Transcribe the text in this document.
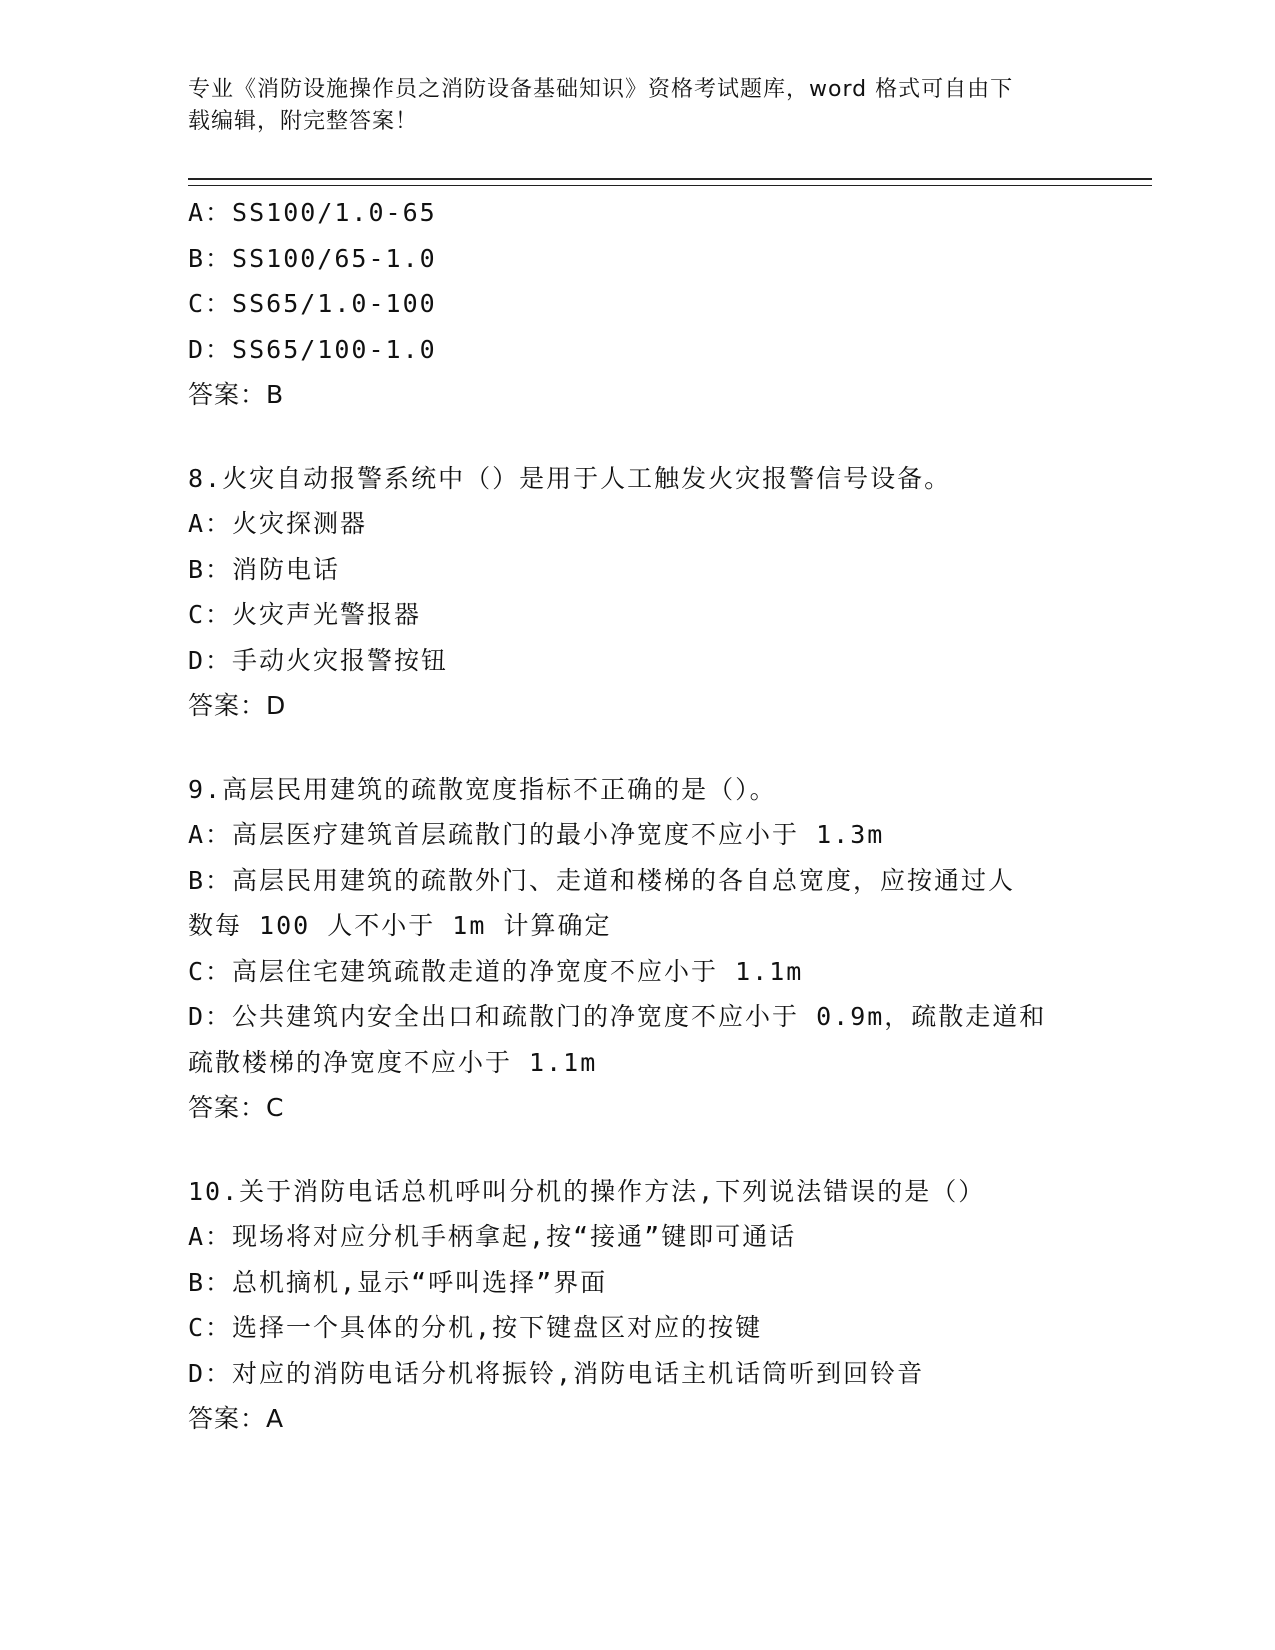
专业《消防设施操作员之消防设备基础知识》资格考试题库，word 格式可自由下
载编辑，附完整答案！
A：SS100/1.0-65
B：SS100/65-1.0
C：SS65/1.0-100
D：SS65/100-1.0
答案：B
8.火灾自动报警系统中（）是用于人工触发火灾报警信号设备。
A：火灾探测器
B：消防电话
C：火灾声光警报器
D：手动火灾报警按钮
答案：D
9.高层民用建筑的疏散宽度指标不正确的是（）。
A：高层医疗建筑首层疏散门的最小净宽度不应小于 1.3m
B：高层民用建筑的疏散外门、走道和楼梯的各自总宽度，应按通过人
数每 100 人不小于 1m 计算确定
C：高层住宅建筑疏散走道的净宽度不应小于 1.1m
D：公共建筑内安全出口和疏散门的净宽度不应小于 0.9m，疏散走道和
疏散楼梯的净宽度不应小于 1.1m
答案：C
10.关于消防电话总机呼叫分机的操作方法,下列说法错误的是（）
A：现场将对应分机手柄拿起,按“接通”键即可通话
B：总机摘机,显示“呼叫选择”界面
C：选择一个具体的分机,按下键盘区对应的按键
D：对应的消防电话分机将振铃,消防电话主机话筒听到回铃音
答案：A
